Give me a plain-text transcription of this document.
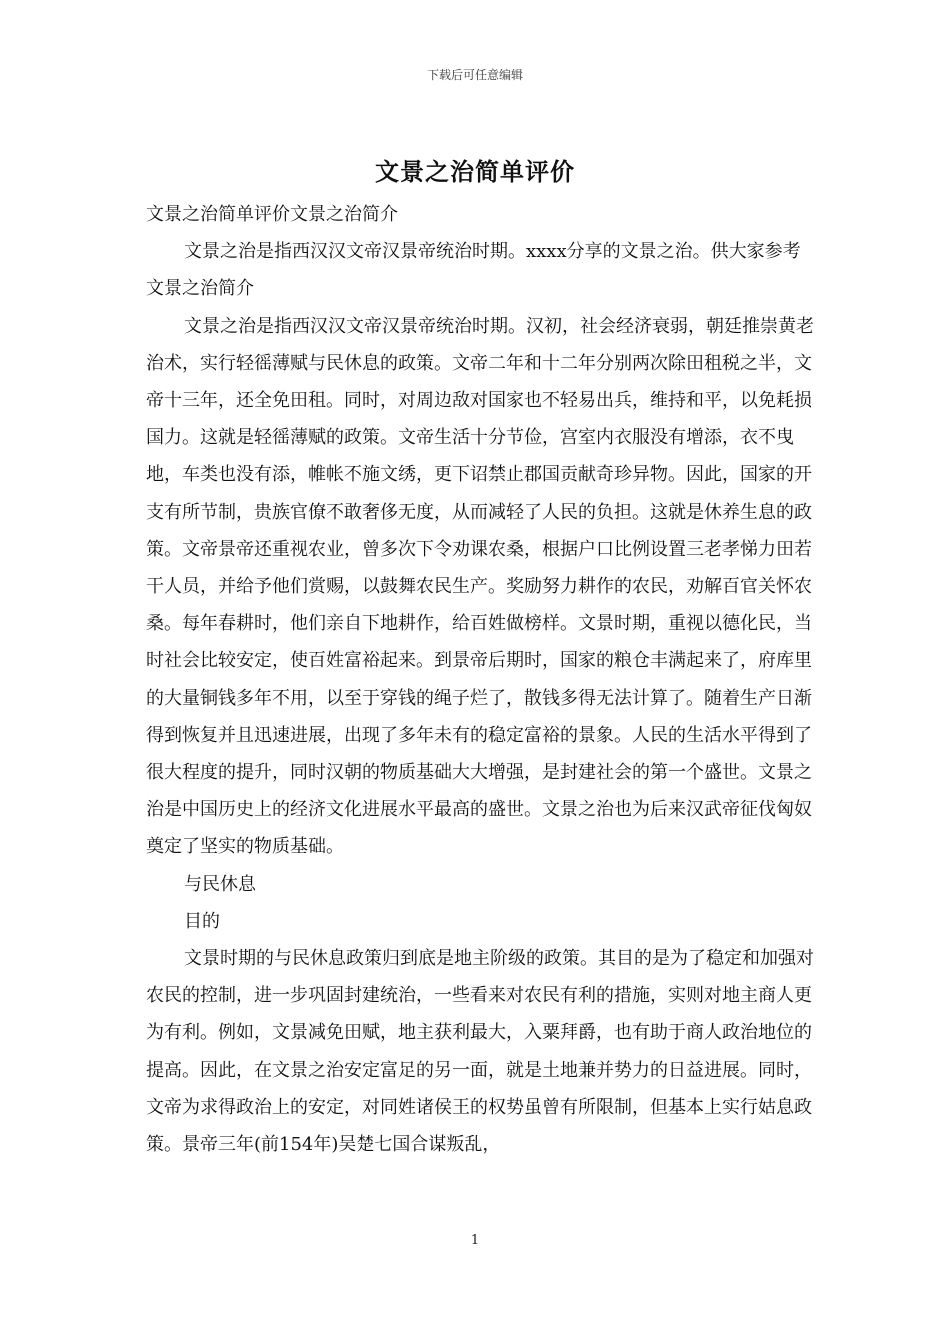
下载后可任意编辑
文景之治简单评价

文景之治简单评价文景之治简介

文景之治是指西汉汉文帝汉景帝统治时期。xxxx分享的文景之治。供大家参考文景之治简介

文景之治是指西汉汉文帝汉景帝统治时期。汉初，社会经济衰弱，朝廷推崇黄老治术，实行轻徭薄赋与民休息的政策。文帝二年和十二年分别两次除田租税之半，文帝十三年，还全免田租。同时，对周边敌对国家也不轻易出兵，维持和平，以免耗损国力。这就是轻徭薄赋的政策。文帝生活十分节俭，宫室内衣服没有增添，衣不曳地，车类也没有添，帷帐不施文绣，更下诏禁止郡国贡献奇珍异物。因此，国家的开支有所节制，贵族官僚不敢奢侈无度，从而减轻了人民的负担。这就是休养生息的政策。文帝景帝还重视农业，曾多次下令劝课农桑，根据户口比例设置三老孝悌力田若干人员，并给予他们赏赐，以鼓舞农民生产。奖励努力耕作的农民，劝解百官关怀农桑。每年春耕时，他们亲自下地耕作，给百姓做榜样。文景时期，重视以德化民，当时社会比较安定，使百姓富裕起来。到景帝后期时，国家的粮仓丰满起来了，府库里的大量铜钱多年不用，以至于穿钱的绳子烂了，散钱多得无法计算了。随着生产日渐得到恢复并且迅速进展，出现了多年未有的稳定富裕的景象。人民的生活水平得到了很大程度的提升，同时汉朝的物质基础大大增强，是封建社会的第一个盛世。文景之治是中国历史上的经济文化进展水平最高的盛世。文景之治也为后来汉武帝征伐匈奴奠定了坚实的物质基础。

与民休息

目的

文景时期的与民休息政策归到底是地主阶级的政策。其目的是为了稳定和加强对农民的控制，进一步巩固封建统治，一些看来对农民有利的措施，实则对地主商人更为有利。例如，文景减免田赋，地主获利最大，入粟拜爵，也有助于商人政治地位的提高。因此，在文景之治安定富足的另一面，就是土地兼并势力的日益进展。同时，文帝为求得政治上的安定，对同姓诸侯王的权势虽曾有所限制，但基本上实行姑息政策。景帝三年(前154年)吴楚七国合谋叛乱，

1
